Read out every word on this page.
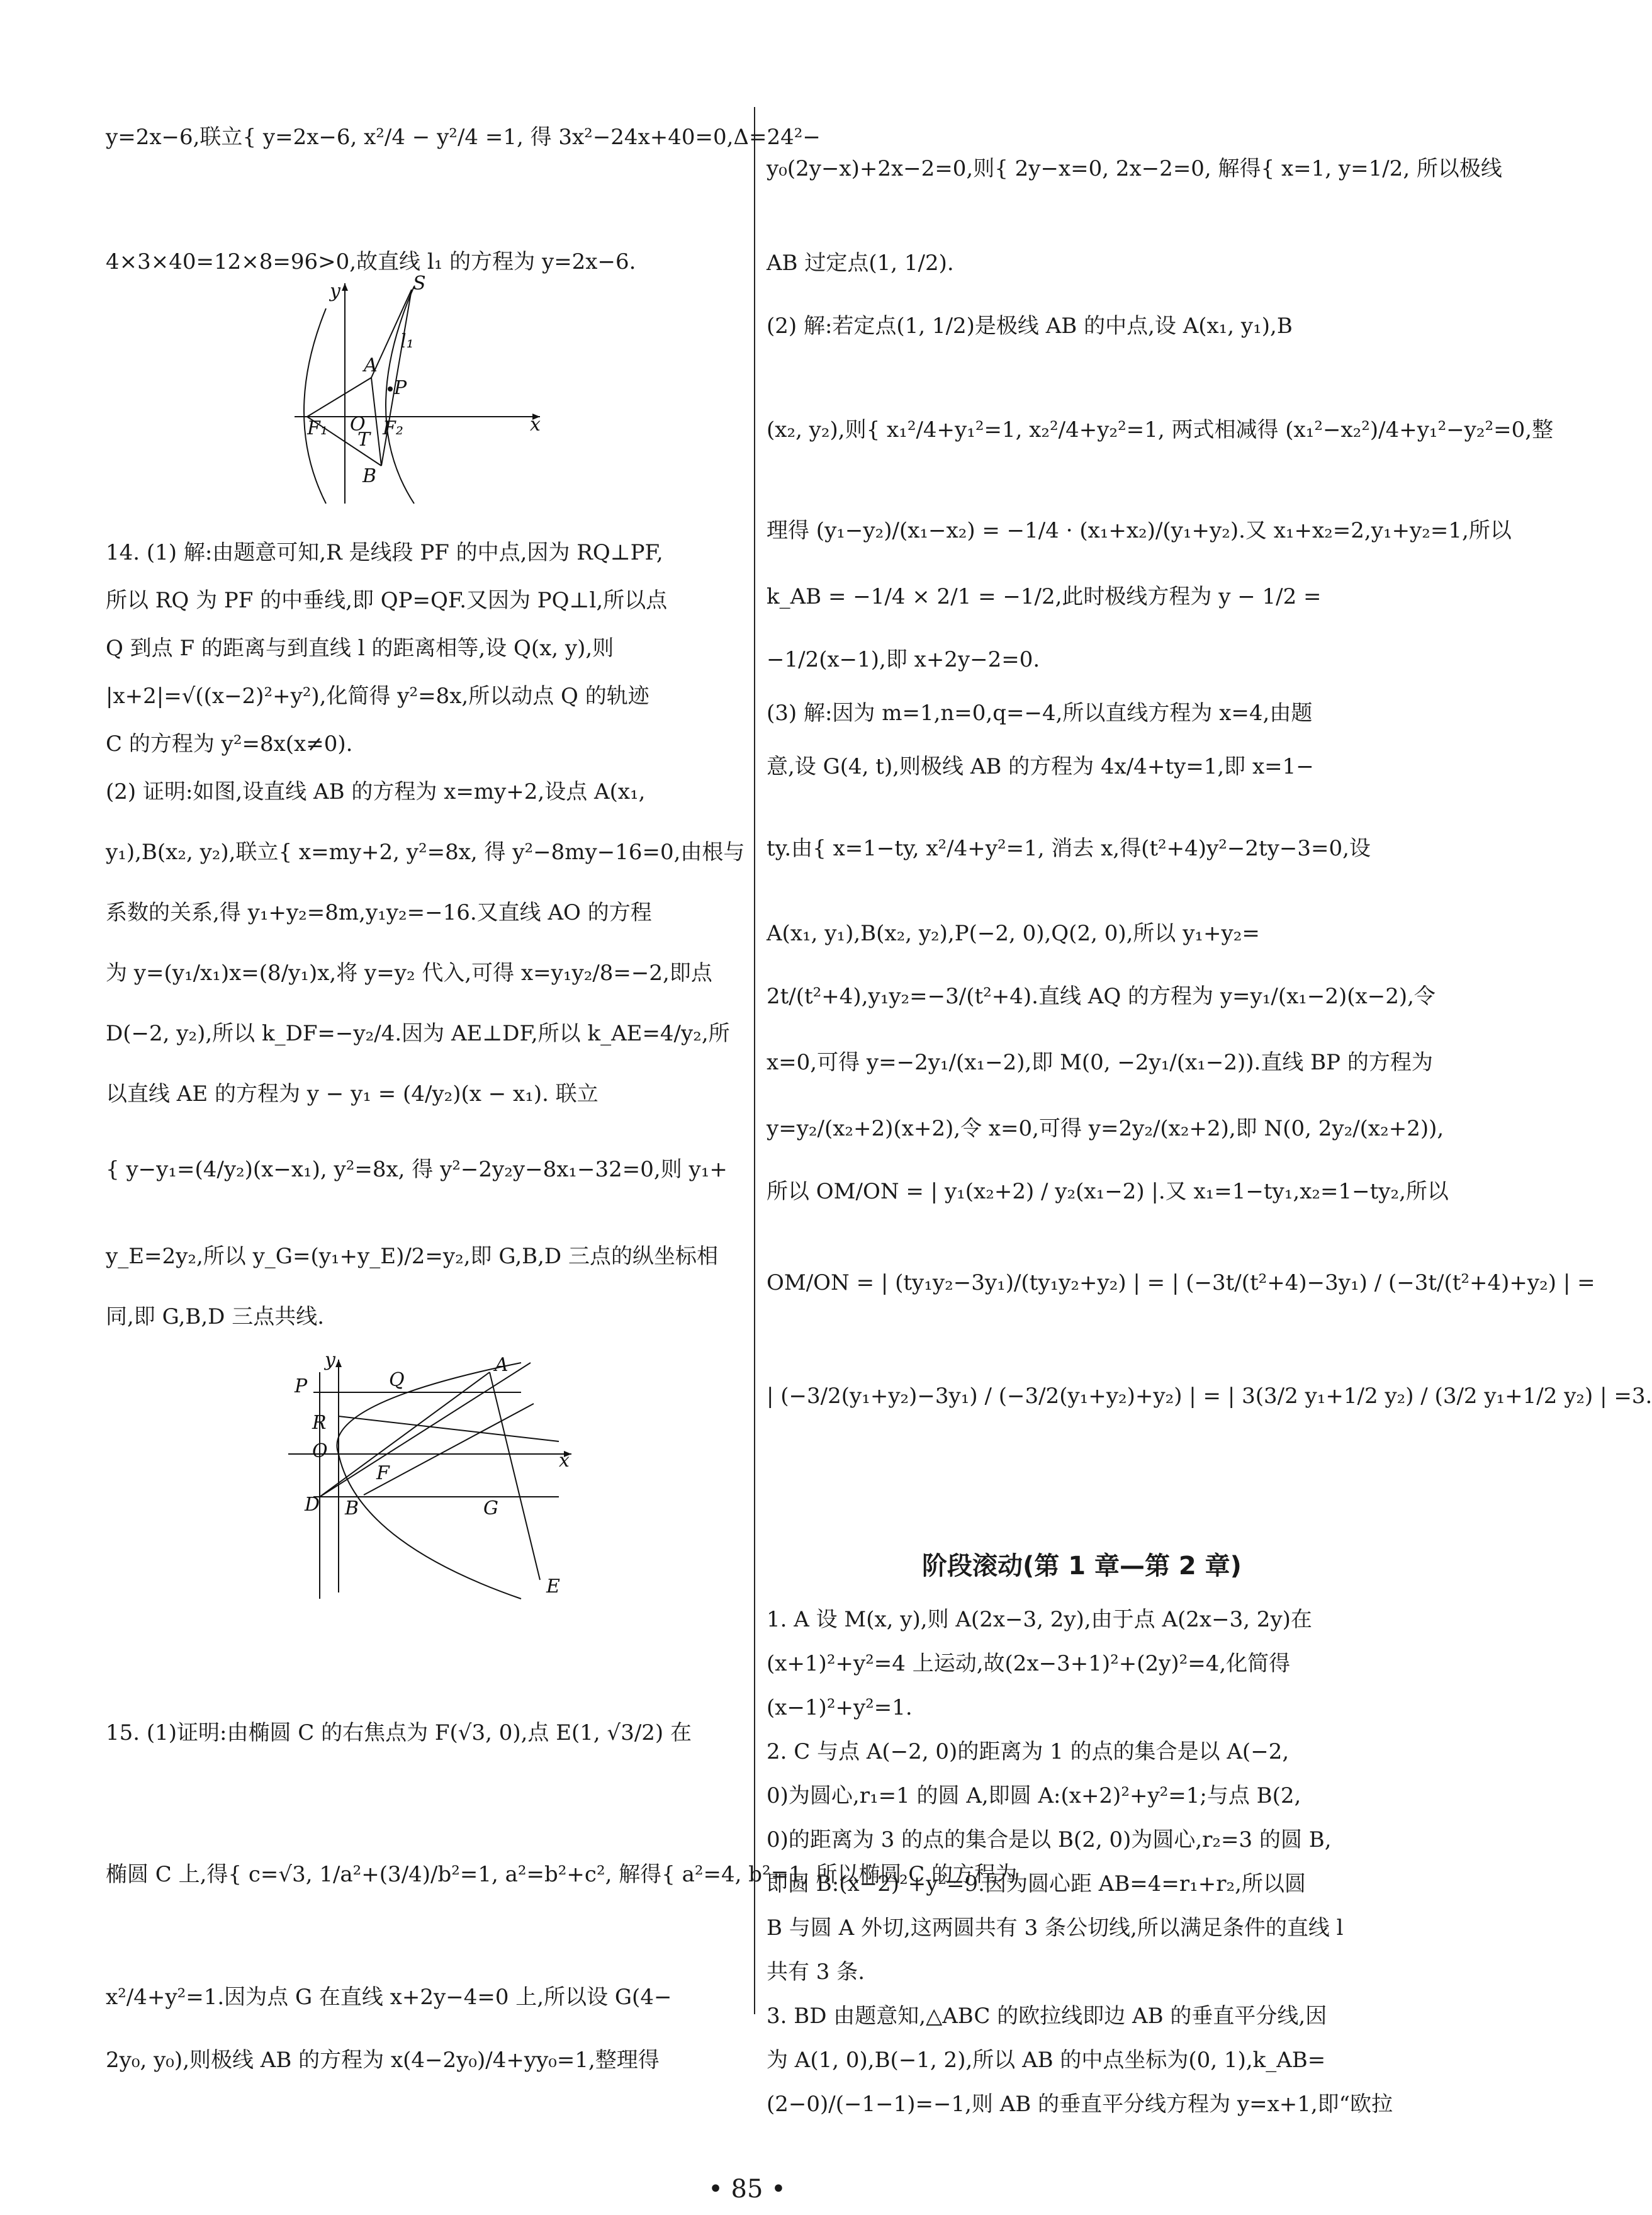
y=2x−6,联立{ y=2x−6, x²/4 − y²/4 =1, 得 3x²−24x+40=0,Δ=24²−
4×3×40=12×8=96>0,故直线 l₁ 的方程为 y=2x−6.
y	S
l₁
A
P
F₁ O F₂	x
T
B
14. (1) 解:由题意可知,R 是线段 PF 的中点,因为 RQ⊥PF,
所以 RQ 为 PF 的中垂线,即 QP=QF.又因为 PQ⊥l,所以点
Q 到点 F 的距离与到直线 l 的距离相等,设 Q(x, y),则
|x+2|=√((x−2)²+y²),化简得 y²=8x,所以动点 Q 的轨迹
C 的方程为 y²=8x(x≠0).
(2) 证明:如图,设直线 AB 的方程为 x=my+2,设点 A(x₁,
y₁),B(x₂, y₂),联立{ x=my+2, y²=8x, 得 y²−8my−16=0,由根与
系数的关系,得 y₁+y₂=8m,y₁y₂=−16.又直线 AO 的方程
为 y=(y₁/x₁)x=(8/y₁)x,将 y=y₂ 代入,可得 x=y₁y₂/8=−2,即点
D(−2, y₂),所以 k_DF=−y₂/4.因为 AE⊥DF,所以 k_AE=4/y₂,所
以直线 AE 的方程为 y − y₁ = (4/y₂)(x − x₁). 联立
{ y−y₁=(4/y₂)(x−x₁), y²=8x, 得 y²−2y₂y−8x₁−32=0,则 y₁+
y_E=2y₂,所以 y_G=(y₁+y_E)/2=y₂,即 G,B,D 三点的纵坐标相
同,即 G,B,D 三点共线.
y
P	Q
A
R
O
F
x
D B	G
E
15. (1)证明:由椭圆 C 的右焦点为 F(√3, 0),点 E(1, √3/2) 在
椭圆 C 上,得{ c=√3, 1/a²+(3/4)/b²=1, a²=b²+c², 解得{ a²=4, b²=1, 所以椭圆 C 的方程为
x²/4+y²=1.因为点 G 在直线 x+2y−4=0 上,所以设 G(4−
2y₀, y₀),则极线 AB 的方程为 x(4−2y₀)/4+yy₀=1,整理得
y₀(2y−x)+2x−2=0,则{ 2y−x=0, 2x−2=0, 解得{ x=1, y=1/2, 所以极线
AB 过定点(1, 1/2).
(2) 解:若定点(1, 1/2)是极线 AB 的中点,设 A(x₁, y₁),B
(x₂, y₂),则{ x₁²/4+y₁²=1, x₂²/4+y₂²=1, 两式相减得 (x₁²−x₂²)/4+y₁²−y₂²=0,整
理得 (y₁−y₂)/(x₁−x₂) = −1/4 · (x₁+x₂)/(y₁+y₂).又 x₁+x₂=2,y₁+y₂=1,所以
k_AB = −1/4 × 2/1 = −1/2,此时极线方程为 y − 1/2 =
−1/2(x−1),即 x+2y−2=0.
(3) 解:因为 m=1,n=0,q=−4,所以直线方程为 x=4,由题
意,设 G(4, t),则极线 AB 的方程为 4x/4+ty=1,即 x=1−
ty.由{ x=1−ty, x²/4+y²=1, 消去 x,得(t²+4)y²−2ty−3=0,设
A(x₁, y₁),B(x₂, y₂),P(−2, 0),Q(2, 0),所以 y₁+y₂=
2t/(t²+4),y₁y₂=−3/(t²+4).直线 AQ 的方程为 y=y₁/(x₁−2)(x−2),令
x=0,可得 y=−2y₁/(x₁−2),即 M(0, −2y₁/(x₁−2)).直线 BP 的方程为
y=y₂/(x₂+2)(x+2),令 x=0,可得 y=2y₂/(x₂+2),即 N(0, 2y₂/(x₂+2)),
所以 OM/ON = | y₁(x₂+2) / y₂(x₁−2) |.又 x₁=1−ty₁,x₂=1−ty₂,所以
OM/ON = | (ty₁y₂−3y₁)/(ty₁y₂+y₂) | = | (−3t/(t²+4)−3y₁) / (−3t/(t²+4)+y₂) | =
| (−3/2(y₁+y₂)−3y₁) / (−3/2(y₁+y₂)+y₂) | = | 3(3/2 y₁+1/2 y₂) / (3/2 y₁+1/2 y₂) | =3.
阶段滚动(第 1 章—第 2 章)
1. A 设 M(x, y),则 A(2x−3, 2y),由于点 A(2x−3, 2y)在
(x+1)²+y²=4 上运动,故(2x−3+1)²+(2y)²=4,化简得
(x−1)²+y²=1.
2. C 与点 A(−2, 0)的距离为 1 的点的集合是以 A(−2,
0)为圆心,r₁=1 的圆 A,即圆 A:(x+2)²+y²=1;与点 B(2,
0)的距离为 3 的点的集合是以 B(2, 0)为圆心,r₂=3 的圆 B,
即圆 B:(x−2)²+y²=9.因为圆心距 AB=4=r₁+r₂,所以圆
B 与圆 A 外切,这两圆共有 3 条公切线,所以满足条件的直线 l
共有 3 条.
3. BD 由题意知,△ABC 的欧拉线即边 AB 的垂直平分线,因
为 A(1, 0),B(−1, 2),所以 AB 的中点坐标为(0, 1),k_AB=
(2−0)/(−1−1)=−1,则 AB 的垂直平分线方程为 y=x+1,即“欧拉
• 85 •
